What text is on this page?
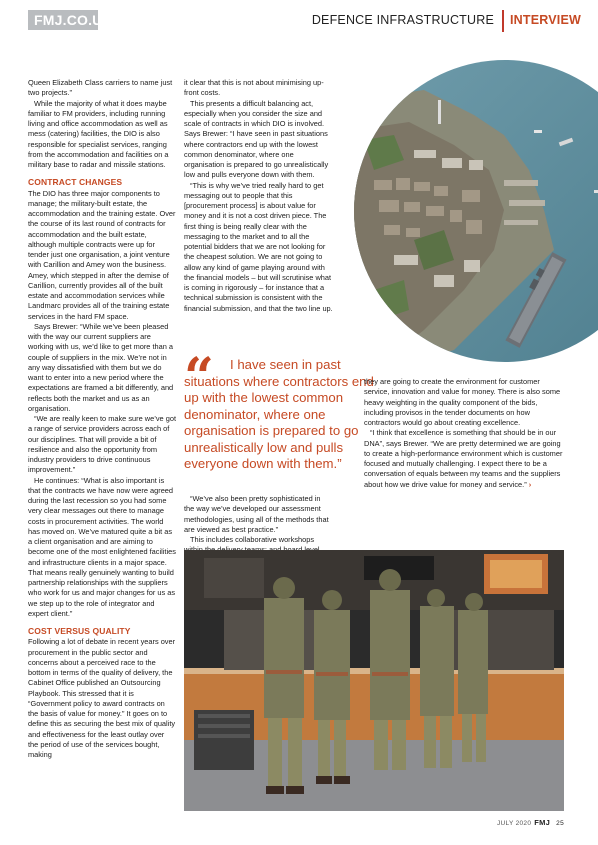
FMJ.CO.UK	DEFENCE INFRASTRUCTURE INTERVIEW

Queen Elizabeth Class carriers to name just two projects.”

While the majority of what it does maybe familiar to FM providers, including running living and office accommodation as well as mess (catering) facilities, the DIO is also responsible for specialist services, ranging from the accommodation and facilities on a military base to radar and missile stations.

CONTRACT CHANGES

The DIO has three major components to manage; the military-built estate, the accommodation and the training estate. Over the course of its last round of contracts for accommodation and the built estate, although multiple contracts were up for tender just one organisation, a joint venture with Carillion and Amey won the business. Amey, which stepped in after the demise of Carillion, currently provides all of the built estate and accommodation services while Landmarc provides all of the training estate services in the hard FM space.

Says Brewer: “While we’ve been pleased with the way our current suppliers are working with us, we’d like to get more than a couple of suppliers in the mix. We’re not in any way dissatisfied with them but we do want to enter into a new period where the expectations are framed a bit differently, and reflects both the market and us as an organisation.

“We are really keen to make sure we’ve got a range of service providers across each of our disciplines. That will provide a bit of resilience and also the opportunity from industry providers to drive continuous improvement.”

He continues: “What is also important is that the contracts we have now were agreed during the last recession so you had some very clear messages out there to manage costs in procurement activities. The world has moved on. We’ve matured quite a bit as a client organisation and are aiming to become one of the most enlightened facilities and infrastructure clients in a major space. That means really genuinely wanting to build partnership relationships with the suppliers who work for us and major changes for us as we step up to the role of integrator and expert client.”

COST VERSUS QUALITY

Following a lot of debate in recent years over procurement in the public sector and concerns about a perceived race to the bottom in terms of the quality of delivery, the Cabinet Office published an Outsourcing Playbook. This stressed that it is “Government policy to award contracts on the basis of value for money.” It goes on to define this as securing the best mix of quality and effectiveness for the least outlay over the period of use of the services bought, making

it clear that this is not about minimising up-front costs.

This presents a difficult balancing act, especially when you consider the size and scale of contracts in which DIO is involved. Says Brewer: “I have seen in past situations where contractors end up with the lowest common denominator, where one organisation is prepared to go unrealistically low and pulls everyone down with them.

“This is why we’ve tried really hard to get messaging out to people that this [procurement process] is about value for money and it is not a cost driven piece. The first thing is being really clear with the messaging to the market and to all the potential bidders that we are not looking for the cheapest solution. We are not going to allow any kind of game playing around with the financial models – but will scrutinise what is coming in rigorously – for instance that a technical submission is consistent with the financial submission, and that the two line up.

“	I have seen in past situations where contractors end up with the lowest common denominator, where one organisation is prepared to go unrealistically low and pulls everyone down with them.”

“We’ve also been pretty sophisticated in the way we’ve developed our assessment methodologies, using all of the methods that are viewed as best practice.”

This includes collaborative workshops

they are going to create the environment for customer service, innovation and value for money. There is also some heavy weighting in the quality component of the bids, including provisos in the tender documents on how contractors would go about creating excellence.

“I think that excellence is something that should be in our DNA”, says Brewer. “We are pretty determined we are going to create a high-performance environment which is customer focused and mutually challenging. I expect there to be a conversation of equals between my teams and the suppliers about how we drive value for money and service.” ›

JULY 2020 FMJ 25
